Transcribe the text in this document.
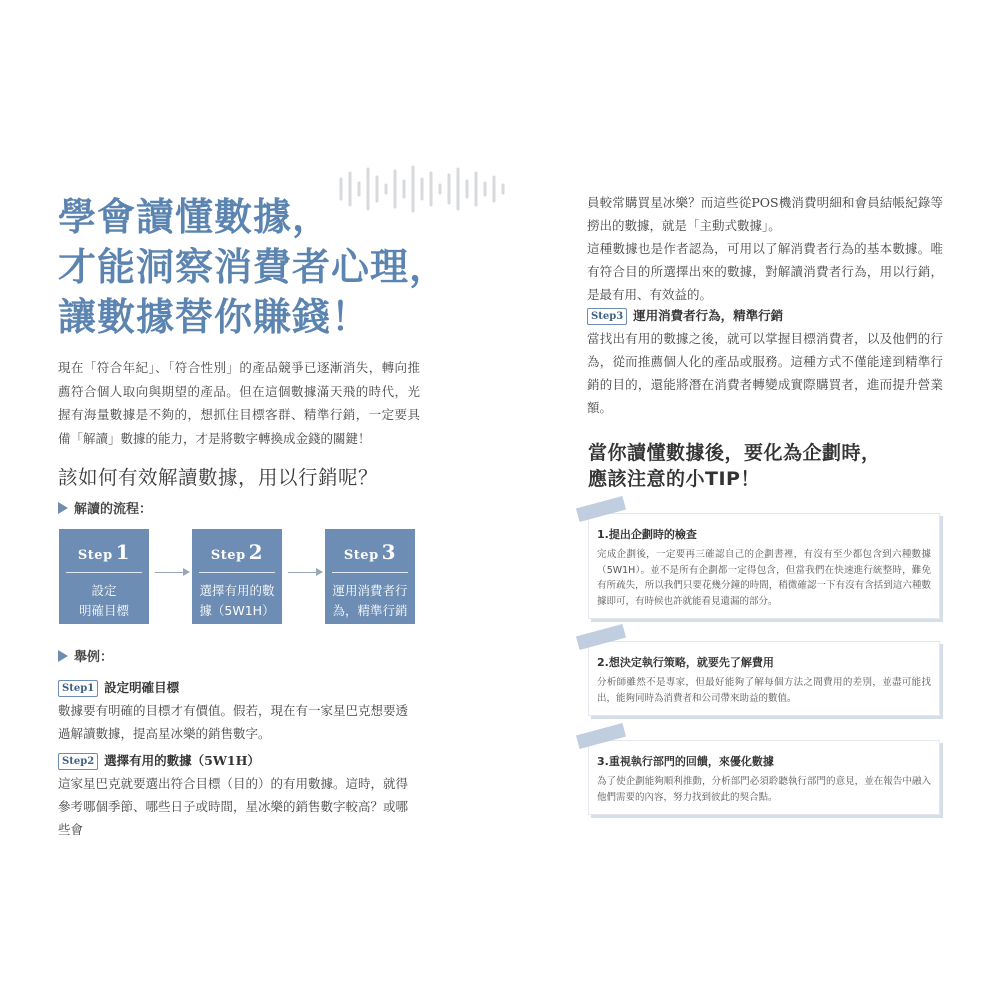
學會讀懂數據，
才能洞察消費者心理，
讓數據替你賺錢！
現在「符合年紀」、「符合性別」的產品競爭已逐漸消失，轉向推薦符合個人取向與期望的產品。但在這個數據滿天飛的時代，光握有海量數據是不夠的，想抓住目標客群、精準行銷，一定要具備「解讀」數據的能力，才是將數字轉換成金錢的關鍵！
該如何有效解讀數據，用以行銷呢？
解讀的流程：
Step 1
設定
明確目標
Step 2
選擇有用的數
據（5W1H）
Step 3
運用消費者行
為，精準行銷
舉例：
Step1 設定明確目標
數據要有明確的目標才有價值。假若，現在有一家星巴克想要透過解讀數據，提高星冰樂的銷售數字。
Step2 選擇有用的數據（5W1H）
這家星巴克就要選出符合目標（目的）的有用數據。這時，就得參考哪個季節、哪些日子或時間，星冰樂的銷售數字較高？或哪些會
員較常購買星冰樂？而這些從POS機消費明細和會員結帳紀錄等撈出的數據，就是「主動式數據」。
這種數據也是作者認為，可用以了解消費者行為的基本數據。唯有符合目的所選擇出來的數據，對解讀消費者行為，用以行銷，是最有用、有效益的。
Step3 運用消費者行為，精準行銷
當找出有用的數據之後，就可以掌握目標消費者，以及他們的行為，從而推薦個人化的產品或服務。這種方式不僅能達到精準行銷的目的，還能將潛在消費者轉變成實際購買者，進而提升營業額。
當你讀懂數據後，要化為企劃時，
應該注意的小TIP！
1.提出企劃時的檢查
完成企劃後，一定要再三確認自己的企劃書裡，有沒有至少都包含到六種數據（5W1H）。並不是所有企劃都一定得包含，但當我們在快速進行統整時，難免有所疏失，所以我們只要花幾分鐘的時間，稍微確認一下有沒有含括到這六種數據即可，有時候也許就能看見遺漏的部分。
2.想決定執行策略，就要先了解費用
分析師雖然不是專家，但最好能夠了解每個方法之間費用的差別，並盡可能找出，能夠同時為消費者和公司帶來助益的數值。
3.重視執行部門的回饋，來優化數據
為了使企劃能夠順利推動，分析部門必須聆聽執行部門的意見，並在報告中融入他們需要的內容，努力找到彼此的契合點。
